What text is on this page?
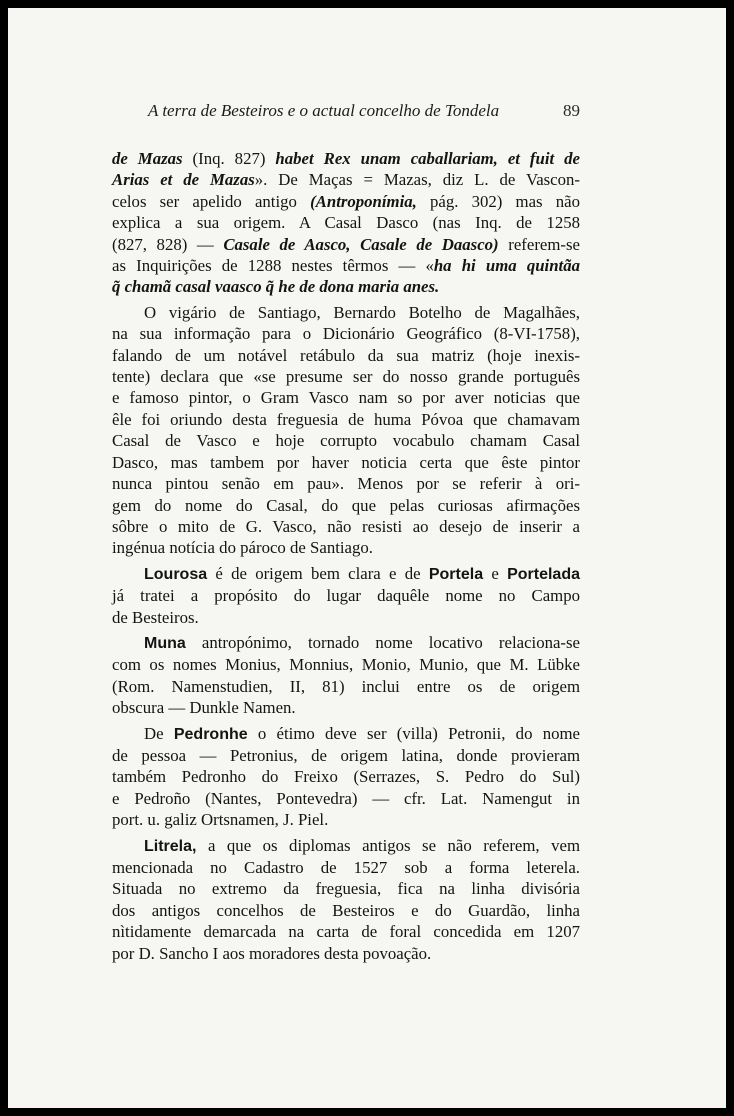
A terra de Besteiros e o actual concelho de Tondela	89
de Mazas (Inq. 827) habet Rex unam caballariam, et fuit de
Arias et de Mazas». De Maças = Mazas, diz L. de Vascon-
celos ser apelido antigo (Antroponímia, pág. 302) mas não
explica a sua origem. A Casal Dasco (nas Inq. de 1258
(827, 828) — Casale de Aasco, Casale de Daasco) referem-se
as Inquirições de 1288 nestes têrmos — «ha hi uma quintãa
q̃ chamã casal vaasco q̃ he de dona maria anes.
O vigário de Santiago, Bernardo Botelho de Magalhães,
na sua informação para o Dicionário Geográfico (8-VI-1758),
falando de um notável retábulo da sua matriz (hoje inexis-
tente) declara que «se presume ser do nosso grande português
e famoso pintor, o Gram Vasco nam so por aver noticias que
êle foi oriundo desta freguesia de huma Póvoa que chamavam
Casal de Vasco e hoje corrupto vocabulo chamam Casal
Dasco, mas tambem por haver noticia certa que êste pintor
nunca pintou senão em pau». Menos por se referir à ori-
gem do nome do Casal, do que pelas curiosas afirmações
sôbre o mito de G. Vasco, não resisti ao desejo de inserir a
ingénua notícia do pároco de Santiago.
Lourosa é de origem bem clara e de Portela e Portelada
já tratei a propósito do lugar daquêle nome no Campo
de Besteiros.
Muna antropónimo, tornado nome locativo relaciona-se
com os nomes Monius, Monnius, Monio, Munio, que M. Lübke
(Rom. Namenstudien, II, 81) inclui entre os de origem
obscura — Dunkle Namen.
De Pedronhe o étimo deve ser (villa) Petronii, do nome
de pessoa — Petronius, de origem latina, donde provieram
também Pedronho do Freixo (Serrazes, S. Pedro do Sul)
e Pedroño (Nantes, Pontevedra) — cfr. Lat. Namengut in
port. u. galiz Ortsnamen, J. Piel.
Litrela, a que os diplomas antigos se não referem, vem
mencionada no Cadastro de 1527 sob a forma leterela.
Situada no extremo da freguesia, fica na linha divisória
dos antigos concelhos de Besteiros e do Guardão, linha
nìtidamente demarcada na carta de foral concedida em 1207
por D. Sancho I aos moradores desta povoação.
